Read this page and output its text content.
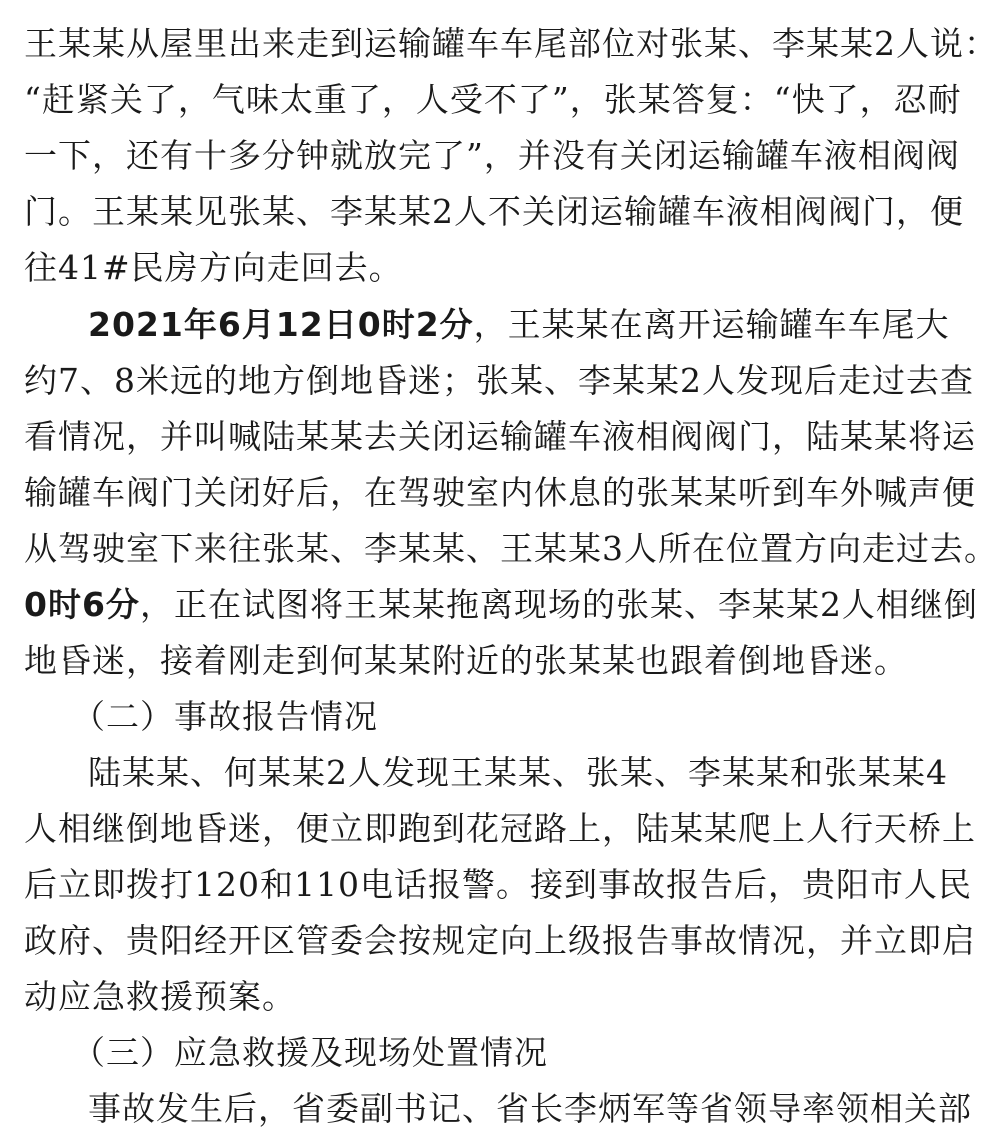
王某某从屋里出来走到运输罐车车尾部位对张某、李某某2人说：
“赶紧关了，气味太重了，人受不了”，张某答复：“快了，忍耐
一下，还有十多分钟就放完了”，并没有关闭运输罐车液相阀阀
门。王某某见张某、李某某2人不关闭运输罐车液相阀阀门，便
往41#民房方向走回去。
2021年6月12日0时2分，王某某在离开运输罐车车尾大
约7、8米远的地方倒地昏迷；张某、李某某2人发现后走过去查
看情况，并叫喊陆某某去关闭运输罐车液相阀阀门，陆某某将运
输罐车阀门关闭好后，在驾驶室内休息的张某某听到车外喊声便
从驾驶室下来往张某、李某某、王某某3人所在位置方向走过去。
0时6分，正在试图将王某某拖离现场的张某、李某某2人相继倒
地昏迷，接着刚走到何某某附近的张某某也跟着倒地昏迷。
（二）事故报告情况
陆某某、何某某2人发现王某某、张某、李某某和张某某4
人相继倒地昏迷，便立即跑到花冠路上，陆某某爬上人行天桥上
后立即拨打120和110电话报警。接到事故报告后，贵阳市人民
政府、贵阳经开区管委会按规定向上级报告事故情况，并立即启
动应急救援预案。
（三）应急救援及现场处置情况
事故发生后，省委副书记、省长李炳军等省领导率领相关部
